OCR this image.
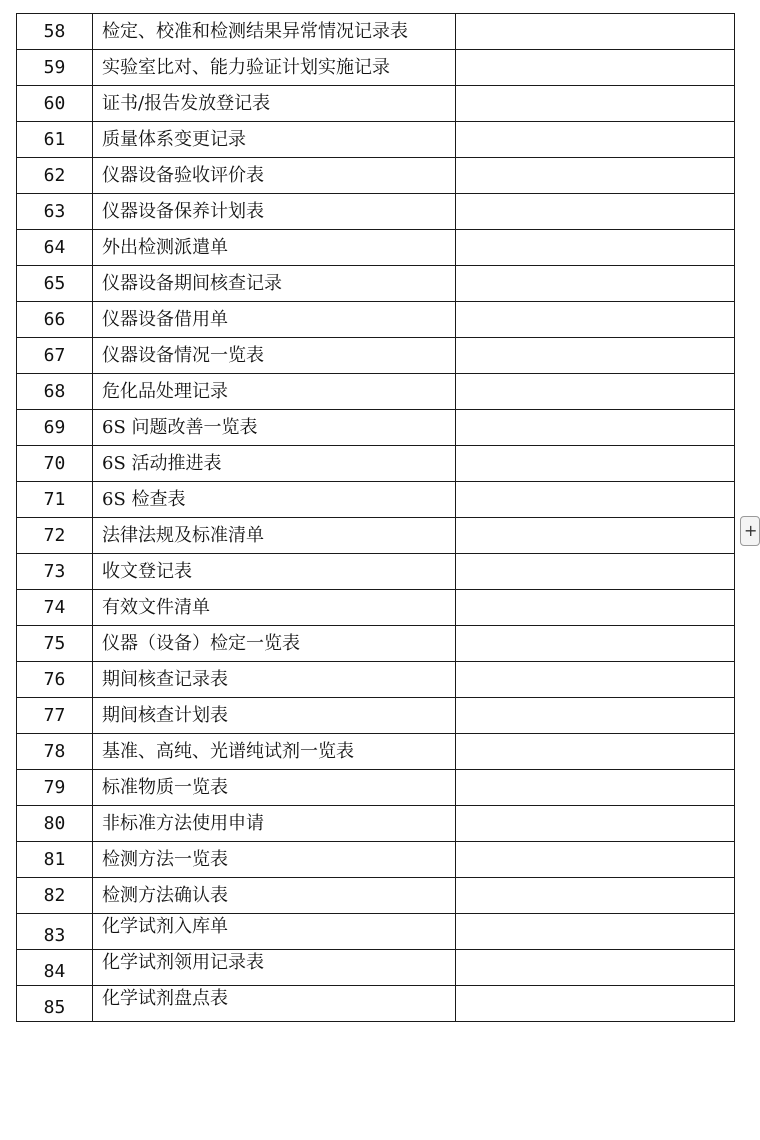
58	检定、校准和检测结果异常情况记录表	
59	实验室比对、能力验证计划实施记录	
60	证书/报告发放登记表	
61	质量体系变更记录	
62	仪器设备验收评价表	
63	仪器设备保养计划表	
64	外出检测派遣单	
65	仪器设备期间核查记录	
66	仪器设备借用单	
67	仪器设备情况一览表	
68	危化品处理记录	
69	6S 问题改善一览表	
70	6S 活动推进表	
71	6S 检查表	
72	法律法规及标准清单	
73	收文登记表	
74	有效文件清单	
75	仪器（设备）检定一览表	
76	期间核查记录表	
77	期间核查计划表	
78	基准、高纯、光谱纯试剂一览表	
79	标准物质一览表	
80	非标准方法使用申请	
81	检测方法一览表	
82	检测方法确认表	
83	化学试剂入库单	
84	化学试剂领用记录表	
85	化学试剂盘点表	
+
